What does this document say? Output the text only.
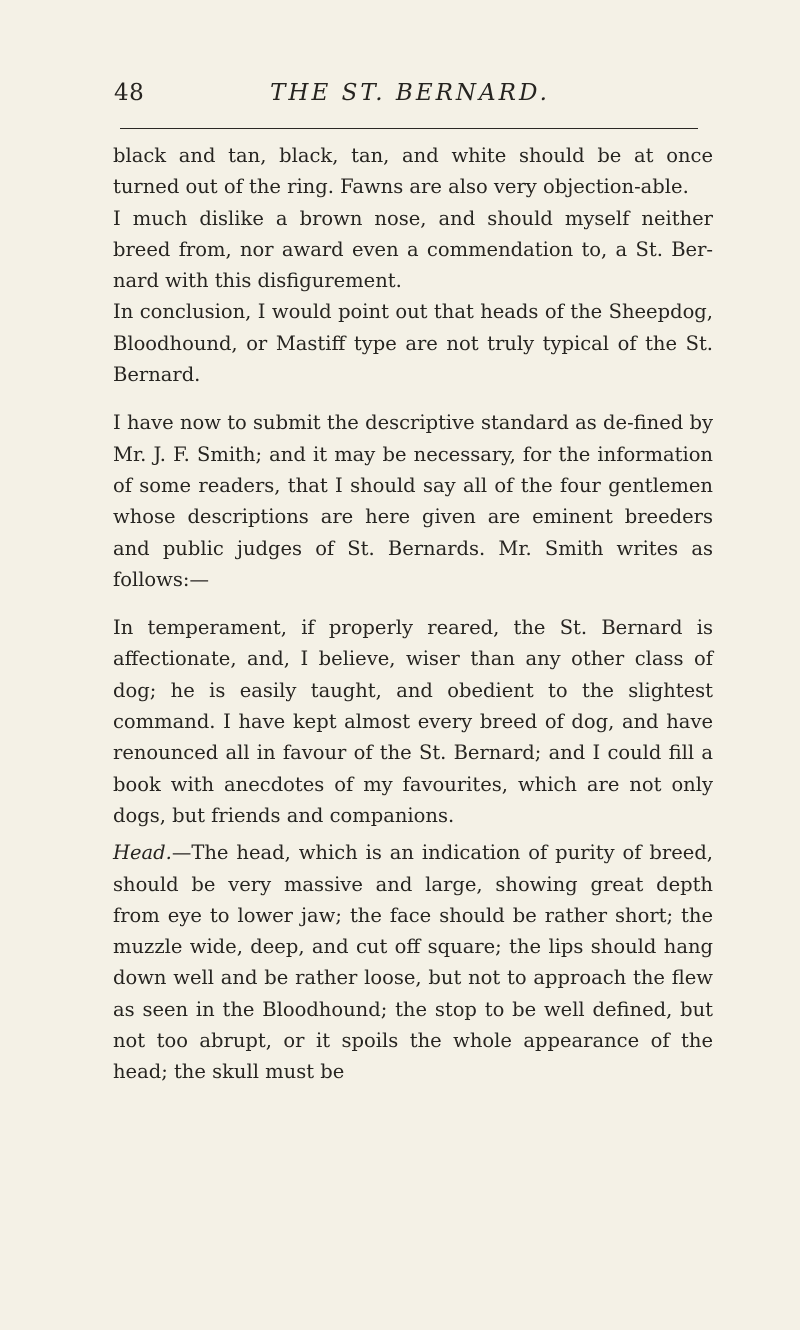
48	THE ST. BERNARD.

black and tan, black, tan, and white should be at once turned out of the ring. Fawns are also very objection-able.

I much dislike a brown nose, and should myself neither breed from, nor award even a commendation to, a St. Ber-nard with this disfigurement.

In conclusion, I would point out that heads of the Sheepdog, Bloodhound, or Mastiff type are not truly typical of the St. Bernard.

I have now to submit the descriptive standard as de-fined by Mr. J. F. Smith; and it may be necessary, for the information of some readers, that I should say all of the four gentlemen whose descriptions are here given are eminent breeders and public judges of St. Bernards. Mr. Smith writes as follows:—

In temperament, if properly reared, the St. Bernard is affectionate, and, I believe, wiser than any other class of dog; he is easily taught, and obedient to the slightest command. I have kept almost every breed of dog, and have renounced all in favour of the St. Bernard; and I could fill a book with anecdotes of my favourites, which are not only dogs, but friends and companions.

Head.—The head, which is an indication of purity of breed, should be very massive and large, showing great depth from eye to lower jaw; the face should be rather short; the muzzle wide, deep, and cut off square; the lips should hang down well and be rather loose, but not to approach the flew as seen in the Bloodhound; the stop to be well defined, but not too abrupt, or it spoils the whole appearance of the head; the skull must be
